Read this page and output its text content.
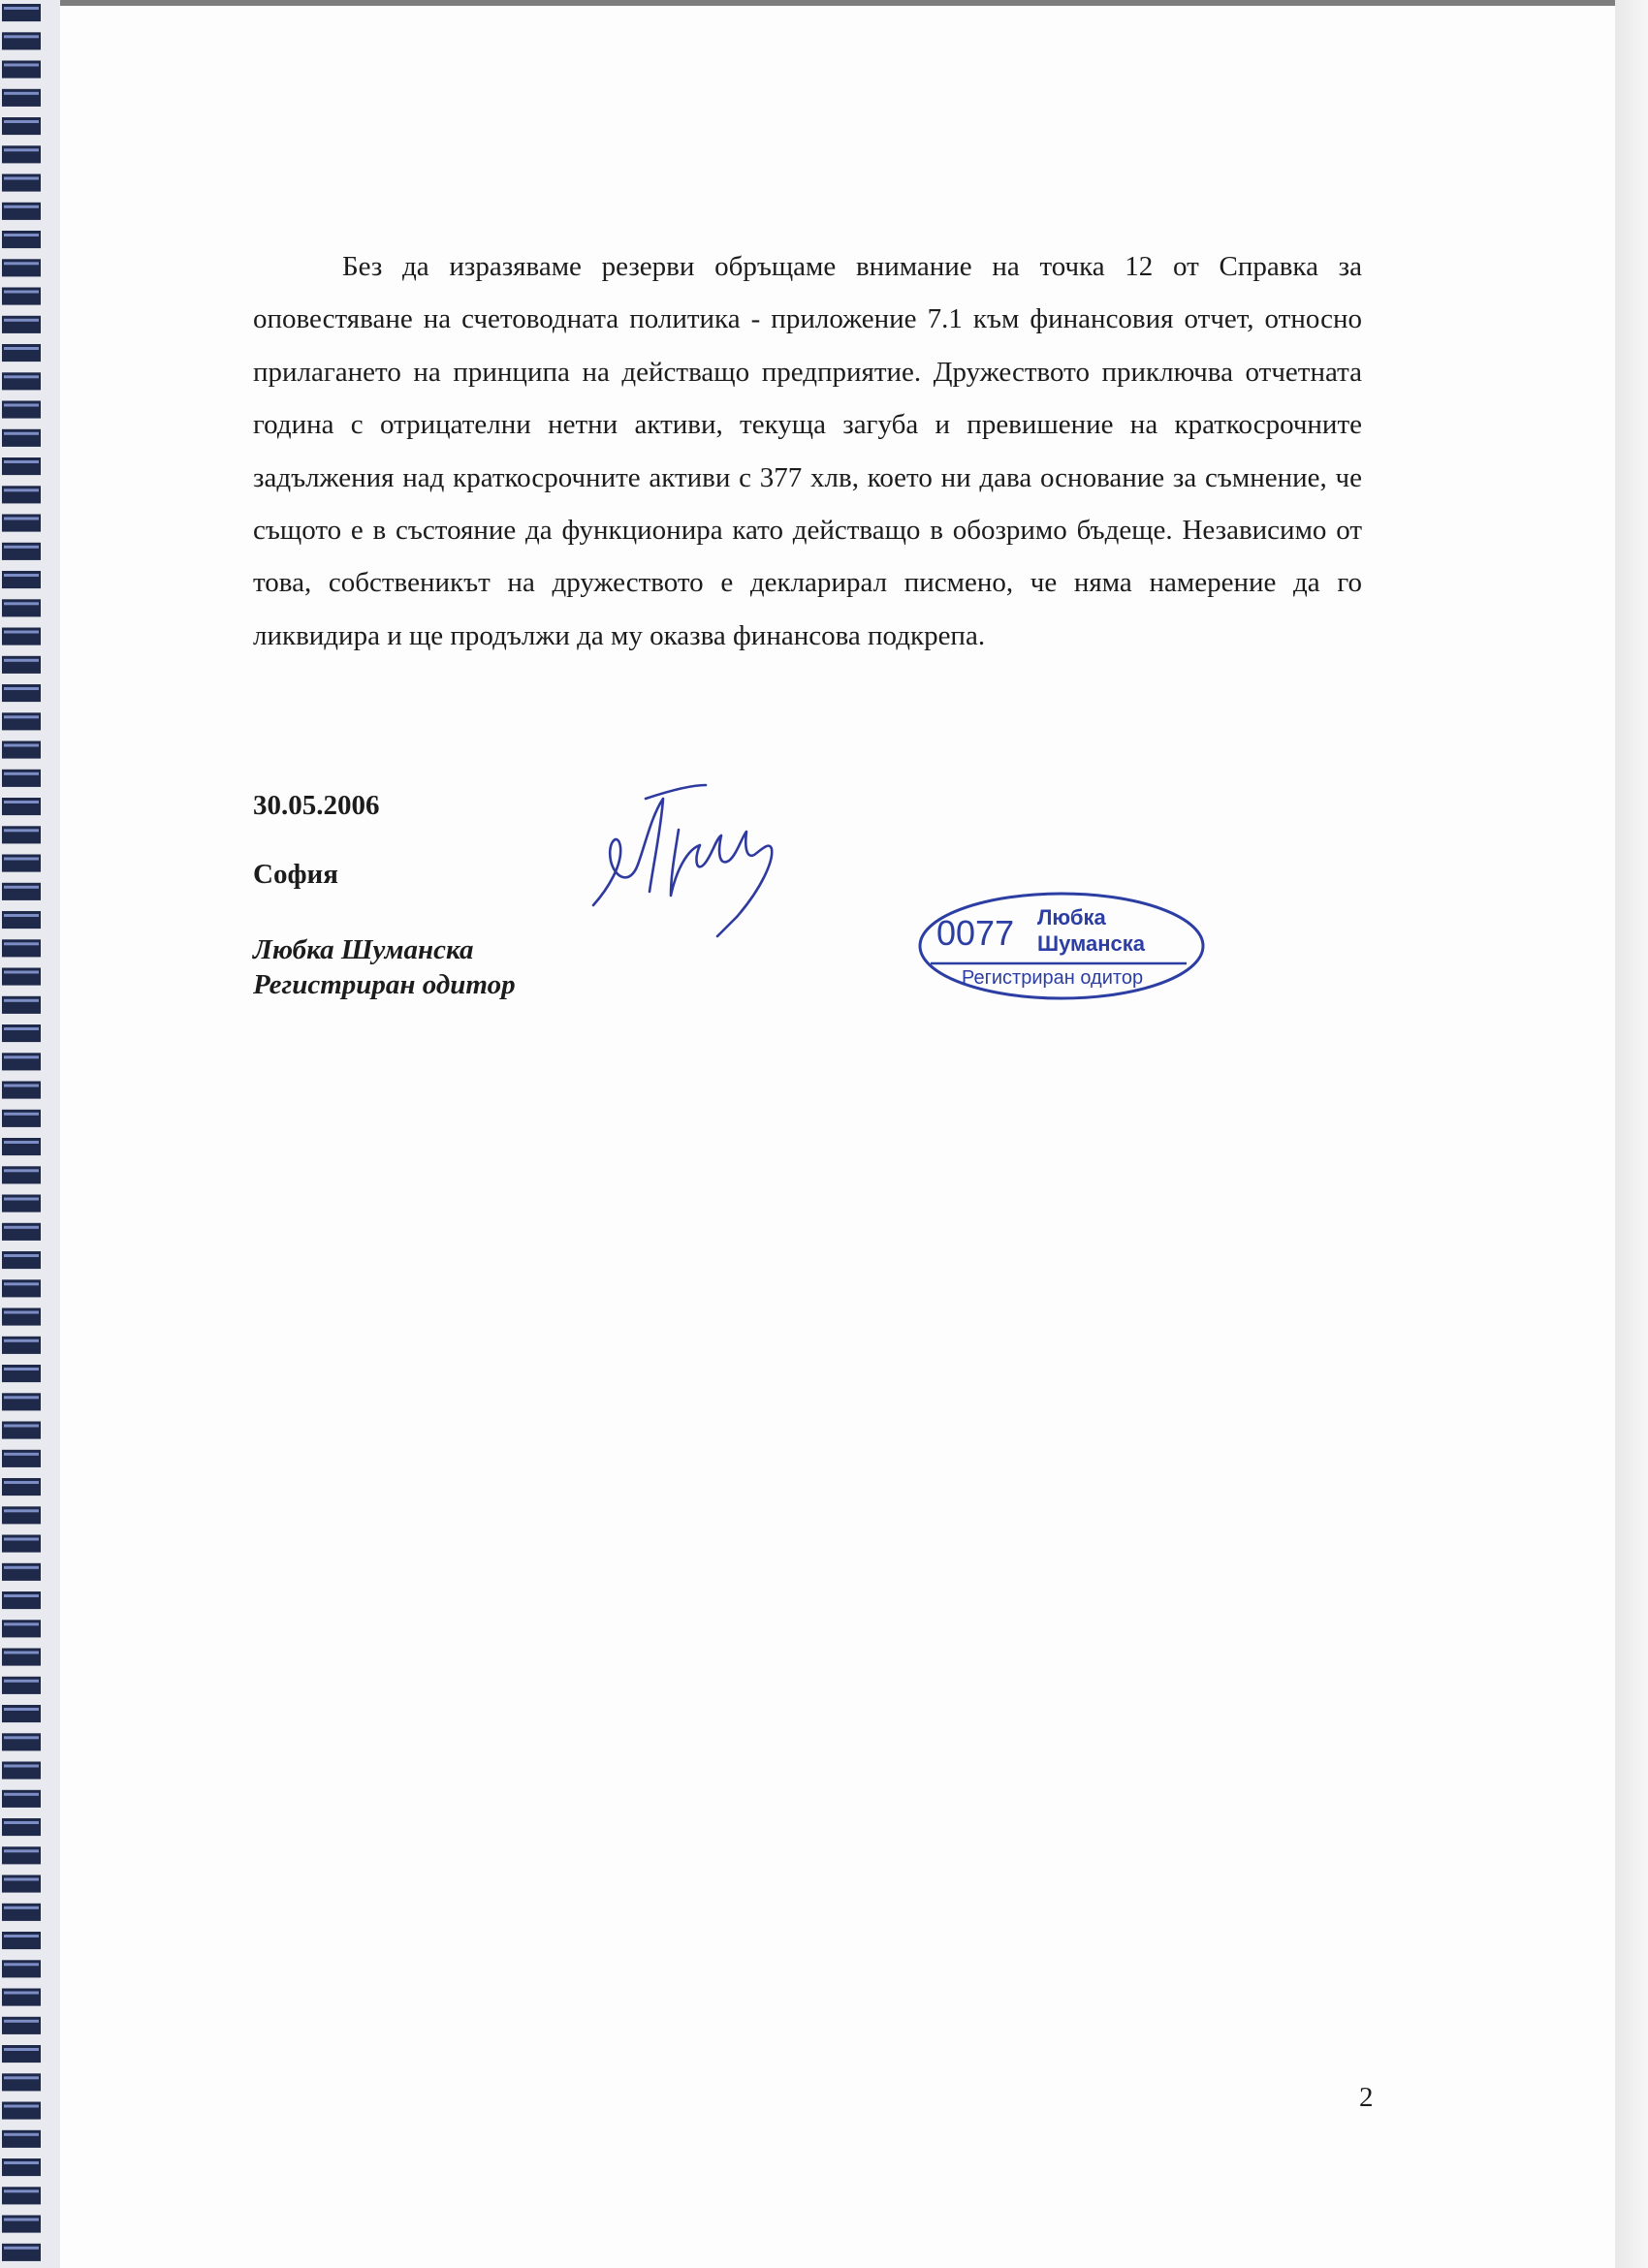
Без да изразяваме резерви обръщаме внимание на точка 12 от Справка за оповестяване на счетоводната политика - приложение 7.1 към финансовия отчет, относно прилагането на принципа на действащо предприятие. Дружеството приключва отчетната година с отрицателни нетни активи, текуща загуба и превишение на краткосрочните задължения над краткосрочните активи с 377 хлв, което ни дава основание за съмнение, че същото е в състояние да функционира като действащо в обозримо бъдеще. Независимо от това, собственикът на дружеството е декларирал писмено, че няма намерение да го ликвидира и ще продължи да му оказва финансова подкрепа.

30.05.2006

София

Любка Шуманска

Регистриран одитор

0077 Любка
Шуманска
Регистриран одитор

2
